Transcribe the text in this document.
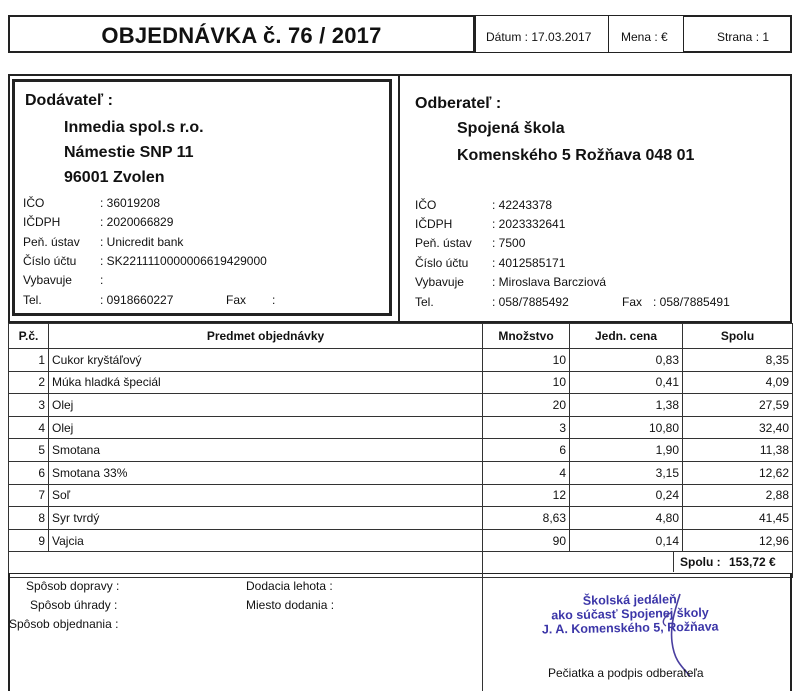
OBJEDNÁVKA č. 76 / 2017	Dátum : 17.03.2017 Mena : €	Strana : 1
Dodávateľ :
Inmedia spol.s r.o.
Námestie SNP 11
96001 Zvolen
IČO	: 36019208
IČDPH	: 2020066829
Peň. ústav : Unicredit bank
Číslo účtu : SK2211110000006619429000
Vybavuje :
Tel.	: 0918660227	Fax :
Odberateľ :
Spojená škola
Komenského 5 Rožňava 048 01
IČO	: 42243378
IČDPH	: 2023332641
Peň. ústav : 7500
Číslo účtu : 4012585171
Vybavuje : Miroslava Barcziová
Tel.	: 058/7885492	Fax : 058/7885491
P.č.	Predmet objednávky	Množstvo	Jedn. cena	Spolu
1	Cukor kryštáľový	10	0,83	8,35
2	Múka hladká špeciál	10	0,41	4,09
3	Olej	20	1,38	27,59
4	Olej	3	10,80	32,40
5	Smotana	6	1,90	11,38
6	Smotana 33%	4	3,15	12,62
7	Soľ	12	0,24	2,88
8	Syr tvrdý	8,63	4,80	41,45
9	Vajcia	90	0,14	12,96

Spolu : 153,72 €
Spôsob dopravy :
Spôsob úhrady :
Spôsob objednania :
Dodacia lehota :
Miesto dodania :	Školská jedáleň
ako súčasť Spojenej školy
J. A. Komenského 5, Rožňava
Pečiatka a podpis odberateľa
